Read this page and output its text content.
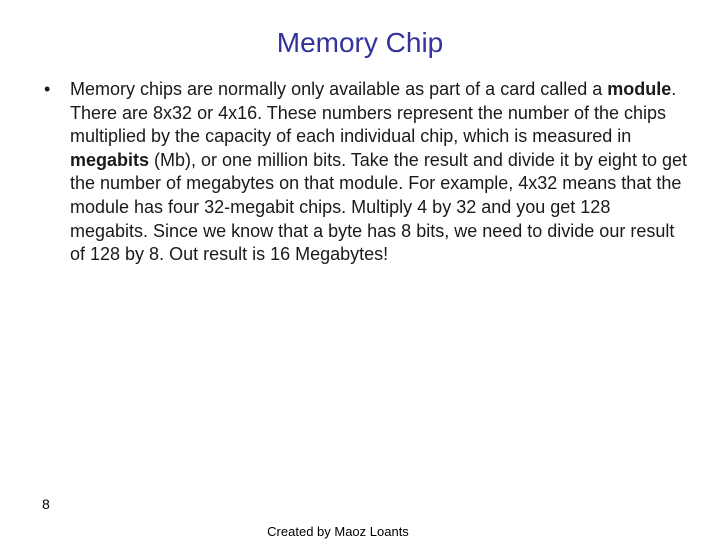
Memory Chip
• Memory chips are normally only available as part of a card called a module. There are 8x32 or 4x16. These numbers represent the number of the chips multiplied by the capacity of each individual chip, which is measured in megabits (Mb), or one million bits. Take the result and divide it by eight to get the number of megabytes on that module. For example, 4x32 means that the module has four 32-megabit chips. Multiply 4 by 32 and you get 128 megabits. Since we know that a byte has 8 bits, we need to divide our result of 128 by 8. Out result is 16 Megabytes!
8
Created by Maoz Loants
